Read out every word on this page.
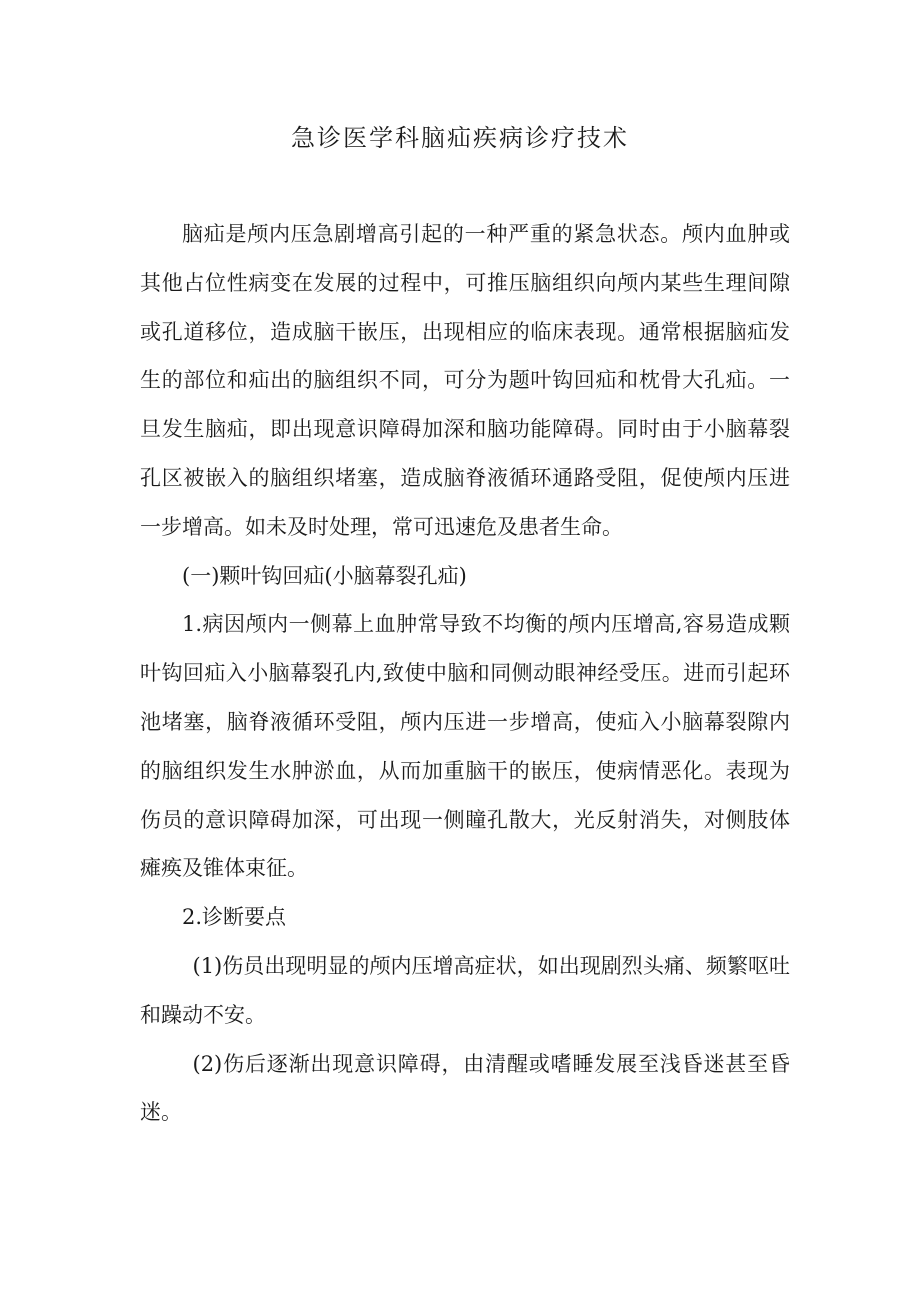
急诊医学科脑疝疾病诊疗技术

脑疝是颅内压急剧增高引起的一种严重的紧急状态。颅内血肿或其他占位性病变在发展的过程中，可推压脑组织向颅内某些生理间隙或孔道移位，造成脑干嵌压，出现相应的临床表现。通常根据脑疝发生的部位和疝出的脑组织不同，可分为题叶钩回疝和枕骨大孔疝。一旦发生脑疝，即出现意识障碍加深和脑功能障碍。同时由于小脑幕裂孔区被嵌入的脑组织堵塞，造成脑脊液循环通路受阻，促使颅内压进一步增高。如未及时处理，常可迅速危及患者生命。

(一)颗叶钩回疝(小脑幕裂孔疝)

1.病因颅内一侧幕上血肿常导致不均衡的颅内压增高,容易造成颗叶钩回疝入小脑幕裂孔内,致使中脑和同侧动眼神经受压。进而引起环池堵塞，脑脊液循环受阻，颅内压进一步增高，使疝入小脑幕裂隙内的脑组织发生水肿淤血，从而加重脑干的嵌压，使病情恶化。表现为伤员的意识障碍加深，可出现一侧瞳孔散大，光反射消失，对侧肢体瘫痪及锥体束征。

2.诊断要点

(1)伤员出现明显的颅内压增高症状，如出现剧烈头痛、频繁呕吐和躁动不安。

(2)伤后逐渐出现意识障碍，由清醒或嗜睡发展至浅昏迷甚至昏迷。
